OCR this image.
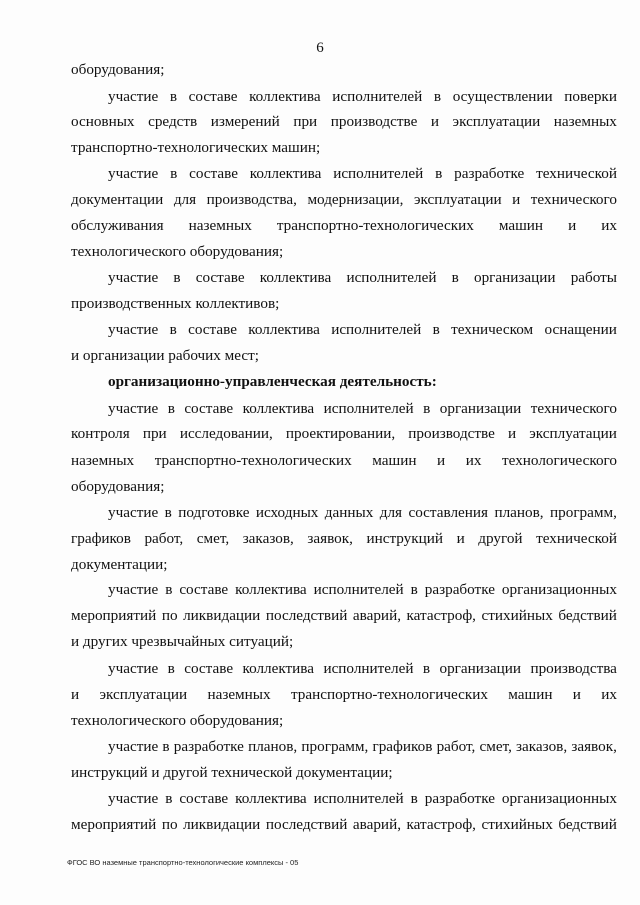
6
оборудования;
участие в составе коллектива исполнителей в осуществлении поверки
основных средств измерений при производстве и эксплуатации наземных
транспортно-технологических машин;
участие в составе коллектива исполнителей в разработке технической
документации для производства, модернизации, эксплуатации и технического
обслуживания наземных транспортно-технологических машин и их
технологического оборудования;
участие в составе коллектива исполнителей в организации работы
производственных коллективов;
участие в составе коллектива исполнителей в техническом оснащении
и организации рабочих мест;
организационно-управленческая деятельность:
участие в составе коллектива исполнителей в организации технического
контроля при исследовании, проектировании, производстве и эксплуатации
наземных транспортно-технологических машин и их технологического
оборудования;
участие в подготовке исходных данных для составления планов, программ,
графиков работ, смет, заказов, заявок, инструкций и другой технической
документации;
участие в составе коллектива исполнителей в разработке организационных
мероприятий по ликвидации последствий аварий, катастроф, стихийных бедствий
и других чрезвычайных ситуаций;
участие в составе коллектива исполнителей в организации производства
и эксплуатации наземных транспортно-технологических машин и их
технологического оборудования;
участие в разработке планов, программ, графиков работ, смет, заказов, заявок,
инструкций и другой технической документации;
участие в составе коллектива исполнителей в разработке организационных
мероприятий по ликвидации последствий аварий, катастроф, стихийных бедствий
ФГОС ВО наземные транспортно-технологические комплексы - 05
